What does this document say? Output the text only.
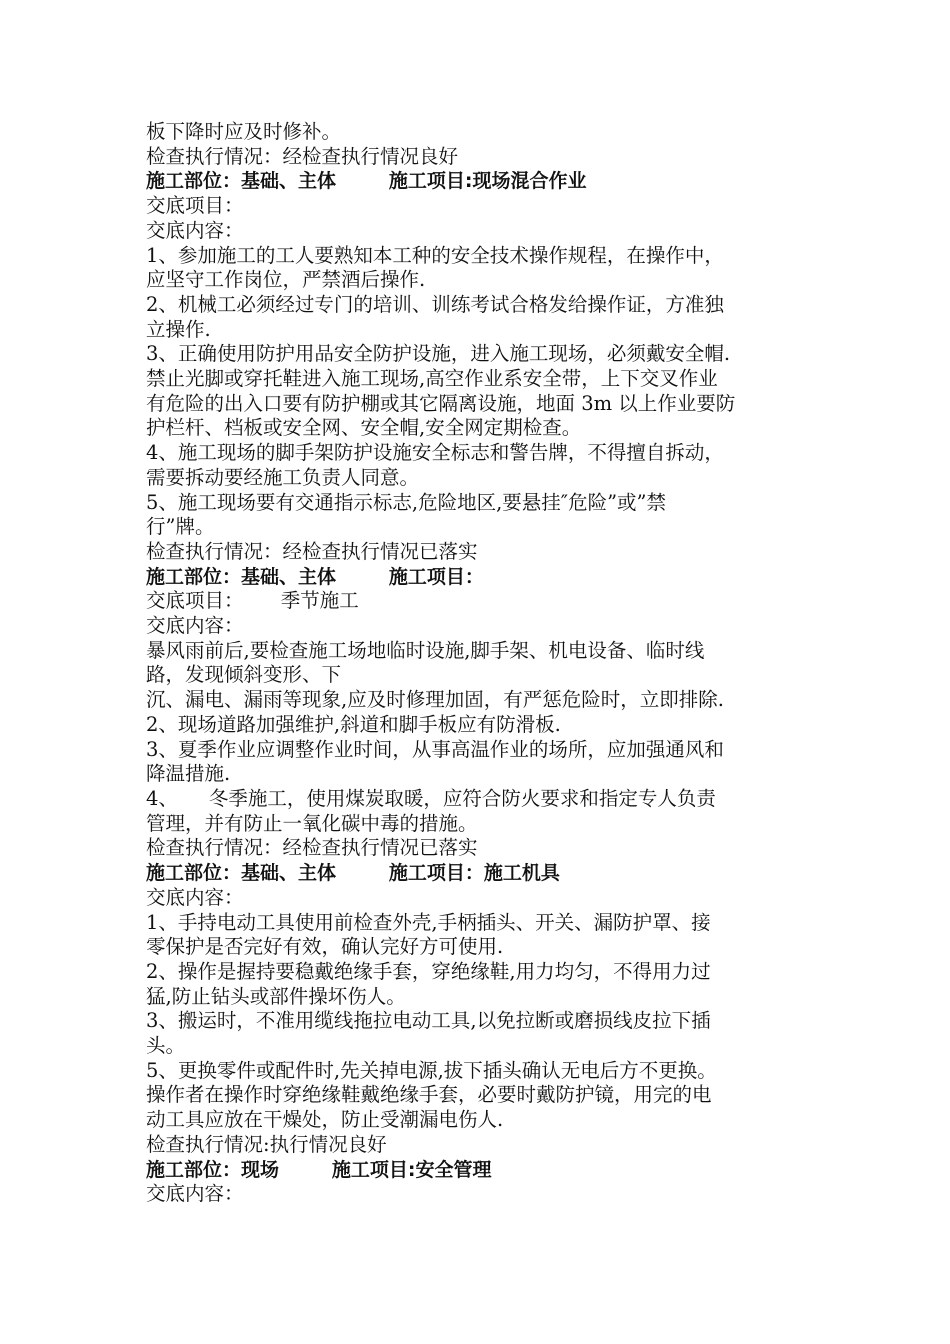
板下降时应及时修补。
检查执行情况：经检查执行情况良好
施工部位：基础、主体        施工项目:现场混合作业
交底项目：
交底内容：
1、参加施工的工人要熟知本工种的安全技术操作规程，在操作中，
应坚守工作岗位，严禁酒后操作.
2、机械工必须经过专门的培训、训练考试合格发给操作证，方准独
立操作.
3、正确使用防护用品安全防护设施，进入施工现场，必须戴安全帽.
禁止光脚或穿托鞋进入施工现场,高空作业系安全带，上下交叉作业
有危险的出入口要有防护棚或其它隔离设施，地面 3m 以上作业要防
护栏杆、档板或安全网、安全帽,安全网定期检查。
4、施工现场的脚手架防护设施安全标志和警告牌，不得擅自拆动，
需要拆动要经施工负责人同意。
5、施工现场要有交通指示标志,危险地区,要悬挂″危险”或”禁
行”牌。
检查执行情况：经检查执行情况已落实
施工部位：基础、主体        施工项目：
交底项目：      季节施工
交底内容：
暴风雨前后,要检查施工场地临时设施,脚手架、机电设备、临时线
路，发现倾斜变形、下
沉、漏电、漏雨等现象,应及时修理加固，有严惩危险时，立即排除.
2、现场道路加强维护,斜道和脚手板应有防滑板.
3、夏季作业应调整作业时间，从事高温作业的场所，应加强通风和
降温措施.
4、     冬季施工，使用煤炭取暖，应符合防火要求和指定专人负责
管理，并有防止一氧化碳中毒的措施。
检查执行情况：经检查执行情况已落实
施工部位：基础、主体        施工项目：施工机具
交底内容：
1、手持电动工具使用前检查外壳,手柄插头、开关、漏防护罩、接
零保护是否完好有效，确认完好方可使用.
2、操作是握持要稳戴绝缘手套，穿绝缘鞋,用力均匀，不得用力过
猛,防止钻头或部件操坏伤人。
3、搬运时，不准用缆线拖拉电动工具,以免拉断或磨损线皮拉下插
头。
5、更换零件或配件时,先关掉电源,拔下插头确认无电后方不更换。
操作者在操作时穿绝缘鞋戴绝缘手套，必要时戴防护镜，用完的电
动工具应放在干燥处，防止受潮漏电伤人.
检查执行情况:执行情况良好
施工部位：现场        施工项目:安全管理
交底内容：
